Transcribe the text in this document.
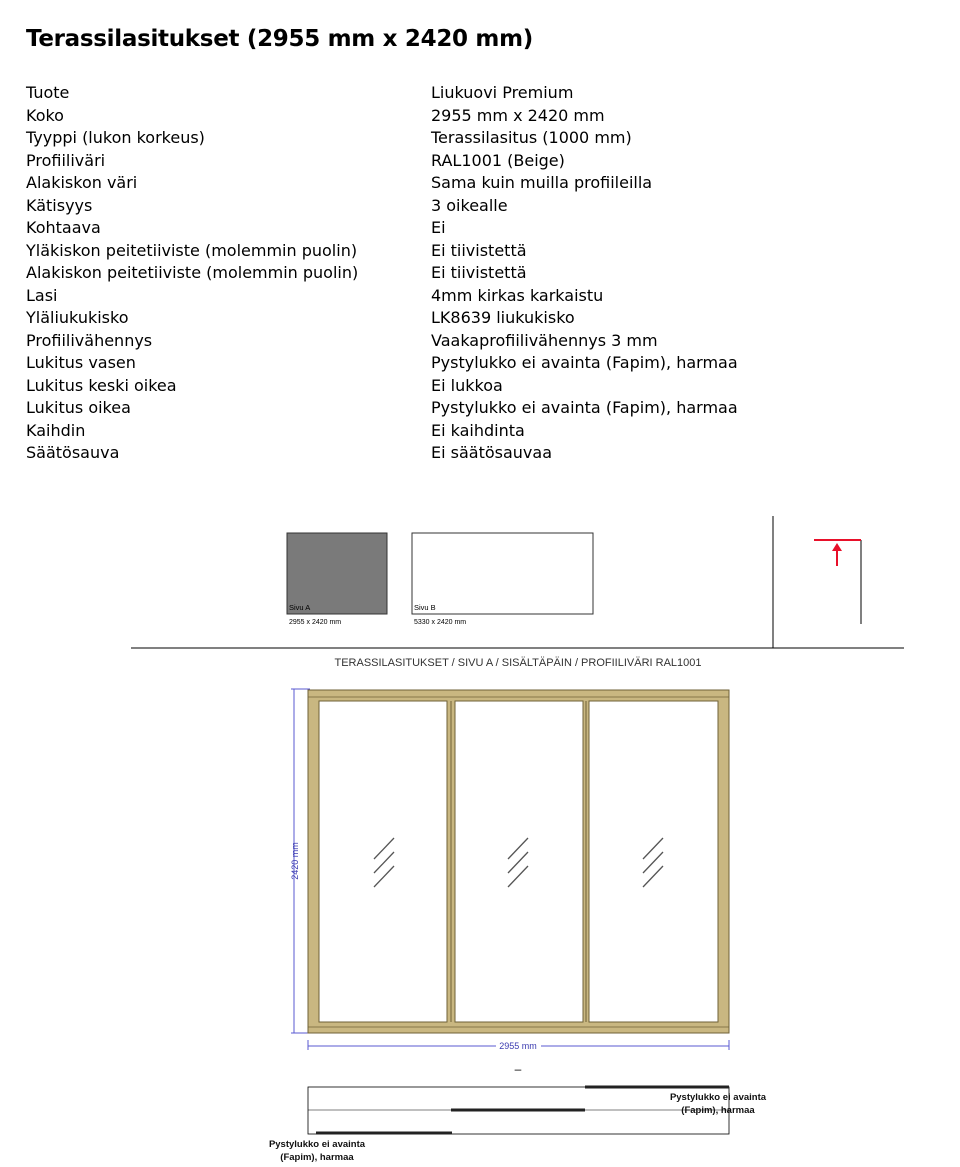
Terassilasitukset (2955 mm x 2420 mm)
Tuote	Liukuovi Premium
Koko	2955 mm x 2420 mm
Tyyppi (lukon korkeus)	Terassilasitus (1000 mm)
Profiiliväri	RAL1001 (Beige)
Alakiskon väri	Sama kuin muilla profiileilla
Kätisyys	3 oikealle
Kohtaava	Ei
Yläkiskon peitetiiviste (molemmin puolin)	Ei tiivistettä
Alakiskon peitetiiviste (molemmin puolin)	Ei tiivistettä
Lasi	4mm kirkas karkaistu
Yläliukukisko	LK8639 liukukisko
Profiilivähennys	Vaakaprofiilivähennys 3 mm
Lukitus vasen	Pystylukko ei avainta (Fapim), harmaa
Lukitus keski oikea	Ei lukkoa
Lukitus oikea	Pystylukko ei avainta (Fapim), harmaa
Kaihdin	Ei kaihdinta
Säätösauva	Ei säätösauvaa
Sivu A
2955 x 2420 mm
Sivu B
5330 x 2420 mm
TERASSILASITUKSET / SIVU A / SISÄLTÄPÄIN / PROFIILIVÄRI RAL1001
2420 mm
2955 mm
–
Pystylukko ei avainta
(Fapim), harmaa
Pystylukko ei avainta
(Fapim), harmaa
